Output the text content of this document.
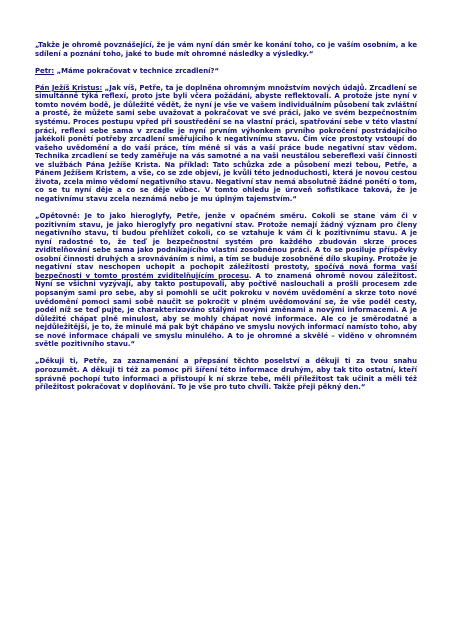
„Takže je ohromě povznášející, že je vám nyní dán směr ke konání toho, co je vaším osobním, a ke sdílení a poznání toho, jaké to bude mít ohromné následky a výsledky.“

Petr: „Máme pokračovat v technice zrcadlení?“

Pán Ježíš Kristus: „Jak víš, Petře, ta je doplněna ohromným množstvím nových údajů. Zrcadlení se simultánně týká reflexí, proto jste byli včera požádáni, abyste reflektovali. A protože jste nyní v tomto novém bodě, je důležité vědět, že nyní je vše ve vašem individuálním působení tak zvláštní a prosté, že můžete sami sebe uvažovat a pokračovat ve své práci, jako ve svém bezpečnostním systému. Proces postupu vpřed při soustředění se na vlastní práci, spatřování sebe v této vlastní práci, reflexi sebe sama v zrcadle je nyní prvním výhonkem prvního pokročení postrádajícího jakékoli ponětí potřeby zrcadlení směřujícího k negativnímu stavu. Čím více prostoty vstoupí do vašeho uvědomění a do vaší práce, tím méně si vás a vaší práce bude negativní stav vědom. Technika zrcadlení se tedy zaměřuje na vás samotné a na vaši neustálou sebereflexi vaší činnosti ve službách Pána Ježíše Krista. Na příklad: Tato schůzka zde a působení mezi tebou, Petře, a Pánem Ježíšem Kristem, a vše, co se zde objeví, je kvůli této jednoduchosti, která je novou cestou života, zcela mimo vědomí negativního stavu. Negativní stav nemá absolutně žádné ponětí o tom, co se tu nyní děje a co se děje vůbec. V tomto ohledu je úroveň sofistikace taková, že je negativnímu stavu zcela neznámá nebo je mu úplným tajemstvím.“

„Opětovně: Je to jako hieroglyfy, Petře, jenže v opačném směru. Cokoli se stane vám či v pozitivním stavu, je jako hieroglyfy pro negativní stav. Protože nemají žádný význam pro členy negativního stavu, ti budou přehlížet cokoli, co se vztahuje k vám či k pozitivnímu stavu. A je nyní radostné to, že teď je bezpečnostní systém pro každého zbudován skrze proces zviditelňování sebe sama jako podnikajícího vlastní zosobněnou práci. A to se posiluje příspěvky osobní činnosti druhých a srovnáváním s nimi, a tím se buduje zosobněné dílo skupiny. Protože je negativní stav neschopen uchopit a pochopit záležitosti prostoty, spočívá nová forma vaší bezpečnosti v tomto prostém zviditelňujícím procesu. A to znamená ohromě novou záležitost. Nyní se všichni vyzývají, aby takto postupovali, aby počtivě naslouchali a prošli procesem zde popsaným sami pro sebe, aby si pomohli se učit pokroku v novém uvědomění a skrze toto nové uvědomění pomoci sami sobě naučit se pokročit v plném uvědomování se, že vše podél cesty, podél níž se teď pujte, je charakterizováno stálými novými změnami a novými informacemi. A je důležité chápat plně minulost, aby se mohly chápat nové informace. Ale co je směrodatné a nejdůležitější, je to, že minulé má pak být chápáno ve smyslu nových informací namísto toho, aby se nové informace chápali ve smyslu minulého. A to je ohromné a skvělé – viděno v ohromném světle pozitivního stavu.“

„Děkuji ti, Petře, za zaznamenání a přepsání těchto poselství a děkuji ti za tvou snahu porozumět. A děkuji ti též za pomoc při šíření této informace druhým, aby tak tito ostatní, kteří správně pochopí tuto informaci a přistoupí k ní skrze tebe, měli příležitost tak učinit a měli též příležitost pokračovat v doplňování. To je vše pro tuto chvíli. Takže přeji pěkný den.“
